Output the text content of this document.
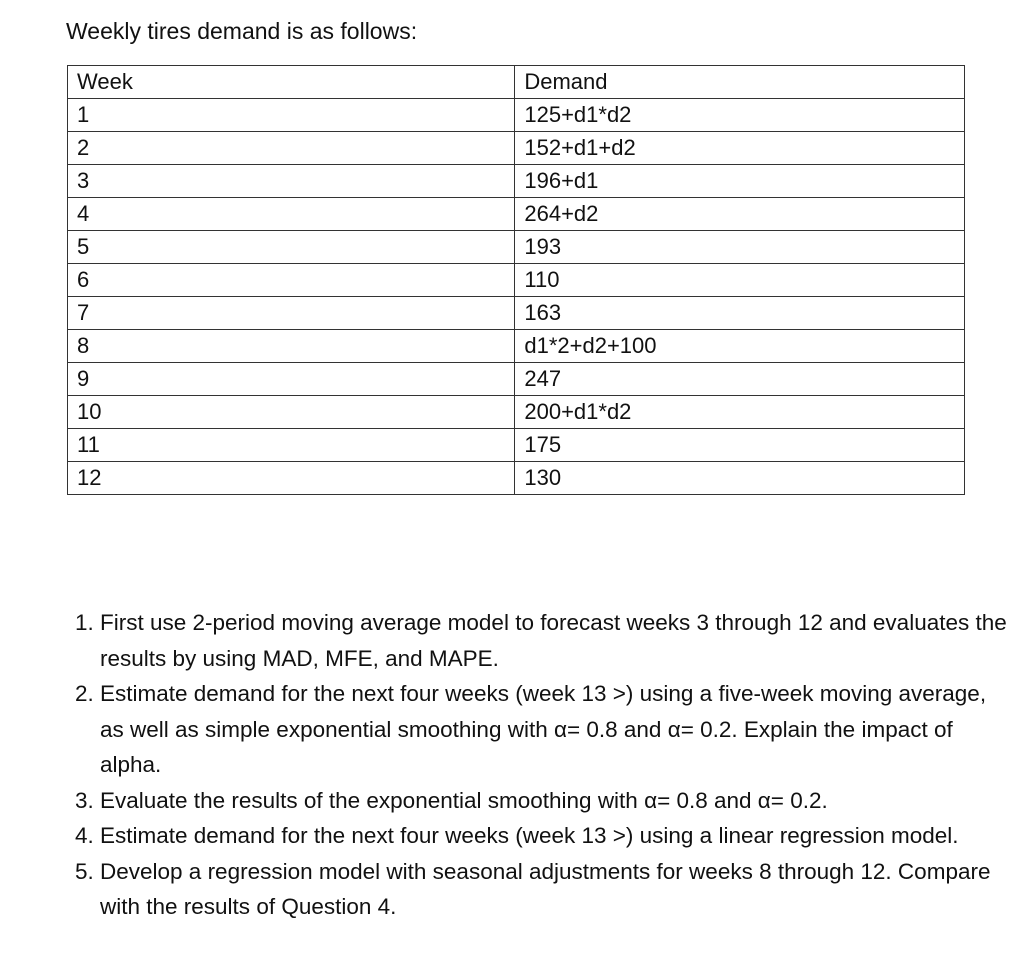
Weekly tires demand is as follows:

Week	Demand
1	125+d1*d2
2	152+d1+d2
3	196+d1
4	264+d2
5	193
6	110
7	163
8	d1*2+d2+100
9	247
10	200+d1*d2
11	175
12	130
1. First use 2-period moving average model to forecast weeks 3 through 12 and evaluates the results by using MAD, MFE, and MAPE.
2. Estimate demand for the next four weeks (week 13 >) using a five-week moving average, as well as simple exponential smoothing with α= 0.8 and α= 0.2. Explain the impact of alpha.
3. Evaluate the results of the exponential smoothing with α= 0.8 and α= 0.2.
4. Estimate demand for the next four weeks (week 13 >) using a linear regression model.
5. Develop a regression model with seasonal adjustments for weeks 8 through 12. Compare with the results of Question 4.
